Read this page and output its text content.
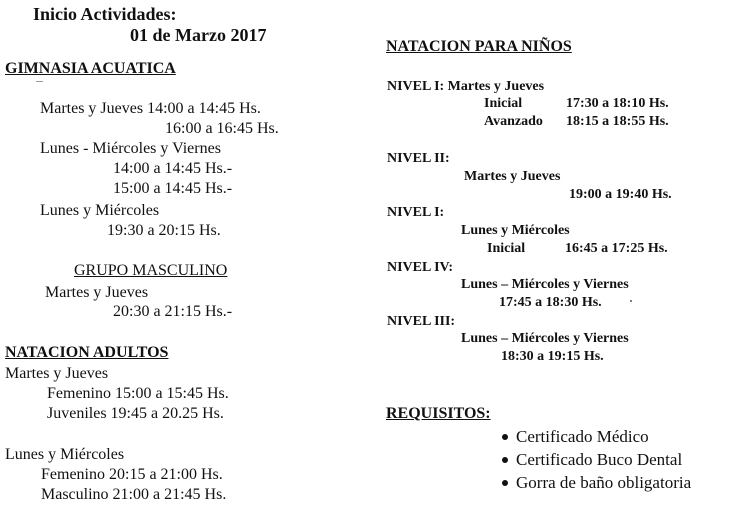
Inicio Actividades:
01 de Marzo 2017
GIMNASIA ACUATICA
Martes y Jueves 14:00 a 14:45 Hs.
16:00 a 16:45 Hs.
Lunes - Miércoles y Viernes
14:00 a 14:45 Hs.-
15:00 a 14:45 Hs.-
Lunes y Miércoles
19:30 a 20:15 Hs.
GRUPO MASCULINO
Martes y Jueves
20:30 a 21:15 Hs.-
NATACION ADULTOS
Martes y Jueves
Femenino 15:00 a 15:45 Hs.
Juveniles 19:45 a 20.25 Hs.
Lunes y Miércoles
Femenino 20:15 a 21:00 Hs.
Masculino 21:00 a 21:45 Hs.
NATACION PARA NIÑOS
NIVEL I: Martes y Jueves
Inicial	17:30 a 18:10 Hs.
Avanzado 18:15 a 18:55 Hs.
NIVEL II:
Martes y Jueves
19:00 a 19:40 Hs.
NIVEL I:
Lunes y Miércoles
Inicial	16:45 a 17:25 Hs.
NIVEL IV:
Lunes – Miércoles y Viernes
17:45 a 18:30 Hs.
NIVEL III:
Lunes – Miércoles y Viernes
18:30 a 19:15 Hs.
REQUISITOS:
Certificado Médico
Certificado Buco Dental
Gorra de baño obligatoria
